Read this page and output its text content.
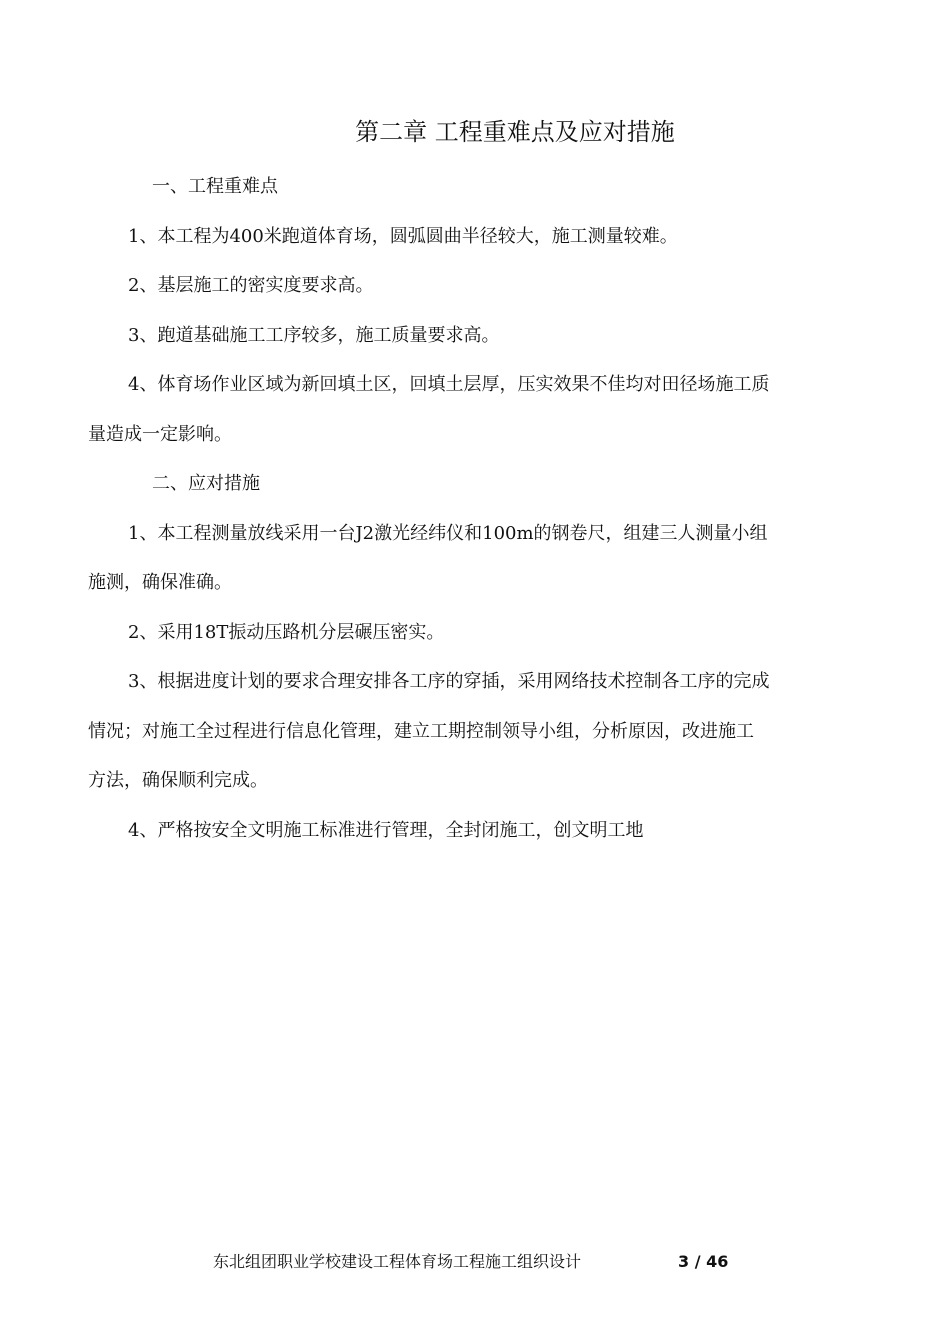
第二章 工程重难点及应对措施
一、工程重难点
1、本工程为400米跑道体育场，圆弧圆曲半径较大，施工测量较难。
2、基层施工的密实度要求高。
3、跑道基础施工工序较多，施工质量要求高。
4、体育场作业区域为新回填土区，回填土层厚，压实效果不佳均对田径场施工质
量造成一定影响。
二、应对措施
1、本工程测量放线采用一台J2激光经纬仪和100m的钢卷尺，组建三人测量小组
施测，确保准确。
2、采用18T振动压路机分层碾压密实。
3、根据进度计划的要求合理安排各工序的穿插，采用网络技术控制各工序的完成
情况；对施工全过程进行信息化管理，建立工期控制领导小组，分析原因，改进施工
方法，确保顺利完成。
4、严格按安全文明施工标准进行管理，全封闭施工，创文明工地
东北组团职业学校建设工程体育场工程施工组织设计	3 / 46
